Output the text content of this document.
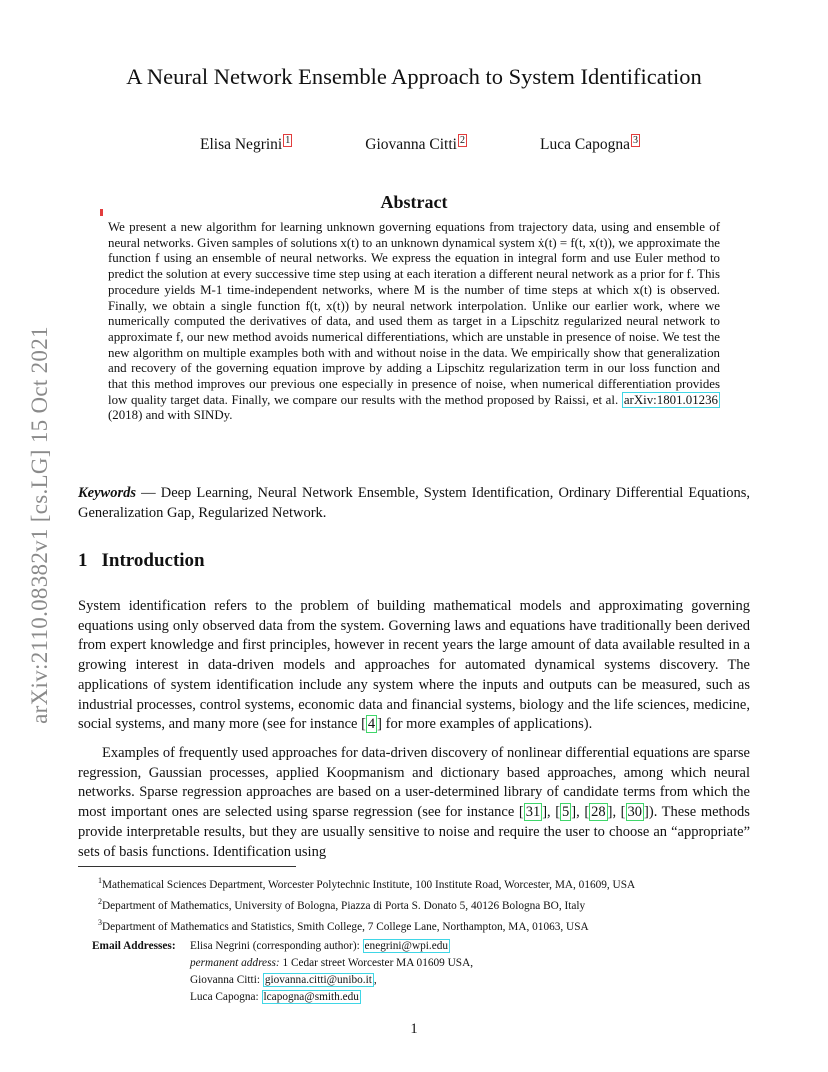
arXiv:2110.08382v1 [cs.LG] 15 Oct 2021
A Neural Network Ensemble Approach to System Identification
Elisa Negrini $^1$	Giovanna Citti $^2$	Luca Capogna $^3$
Abstract

We present a new algorithm for learning unknown governing equations from trajectory data, using and ensemble of neural networks. Given samples of solutions x(t) to an unknown dynamical system ẋ(t) = f(t, x(t)), we approximate the function f using an ensemble of neural networks. We express the equation in integral form and use Euler method to predict the solution at every successive time step using at each iteration a different neural network as a prior for f. This procedure yields M-1 time-independent networks, where M is the number of time steps at which x(t) is observed. Finally, we obtain a single function f(t, x(t)) by neural network interpolation. Unlike our earlier work, where we numerically computed the derivatives of data, and used them as target in a Lipschitz regularized neural network to approximate f, our new method avoids numerical differentiations, which are unstable in presence of noise. We test the new algorithm on multiple examples both with and without noise in the data. We empirically show that generalization and recovery of the governing equation improve by adding a Lipschitz regularization term in our loss function and that this method improves our previous one especially in presence of noise, when numerical differentiation provides low quality target data. Finally, we compare our results with the method proposed by Raissi, et al. arXiv:1801.01236 (2018) and with SINDy.

Keywords — Deep Learning, Neural Network Ensemble, System Identification, Ordinary Differential Equations, Generalization Gap, Regularized Network.

1 Introduction

System identification refers to the problem of building mathematical models and approximating governing equations using only observed data from the system. Governing laws and equations have traditionally been derived from expert knowledge and first principles, however in recent years the large amount of data available resulted in a growing interest in data-driven models and approaches for automated dynamical systems discovery. The applications of system identification include any system where the inputs and outputs can be measured, such as industrial processes, control systems, economic data and financial systems, biology and the life sciences, medicine, social systems, and many more (see for instance [ 4 ] for more examples of applications).

Examples of frequently used approaches for data-driven discovery of nonlinear differential equations are sparse regression, Gaussian processes, applied Koopmanism and dictionary based approaches, among which neural networks. Sparse regression approaches are based on a user-determined library of candidate terms from which the most important ones are selected using sparse regression (see for instance [ 31 ], [ 5 ], [ 28 ], [ 30 ]). These methods provide interpretable results, but they are usually sensitive to noise and require the user to choose an “appropriate” sets of basis functions. Identification using

$^1$Mathematical Sciences Department, Worcester Polytechnic Institute, 100 Institute Road, Worcester, MA, 01609, USA
$^2$Department of Mathematics, University of Bologna, Piazza di Porta S. Donato 5, 40126 Bologna BO, Italy
$^3$Department of Mathematics and Statistics, Smith College, 7 College Lane, Northampton, MA, 01063, USA
Email Addresses: Elisa Negrini (corresponding author): enegrini@wpi.edu
permanent address: 1 Cedar street Worcester MA 01609 USA,
Giovanna Citti: giovanna.citti@unibo.it ,
Luca Capogna: lcapogna@smith.edu
1
